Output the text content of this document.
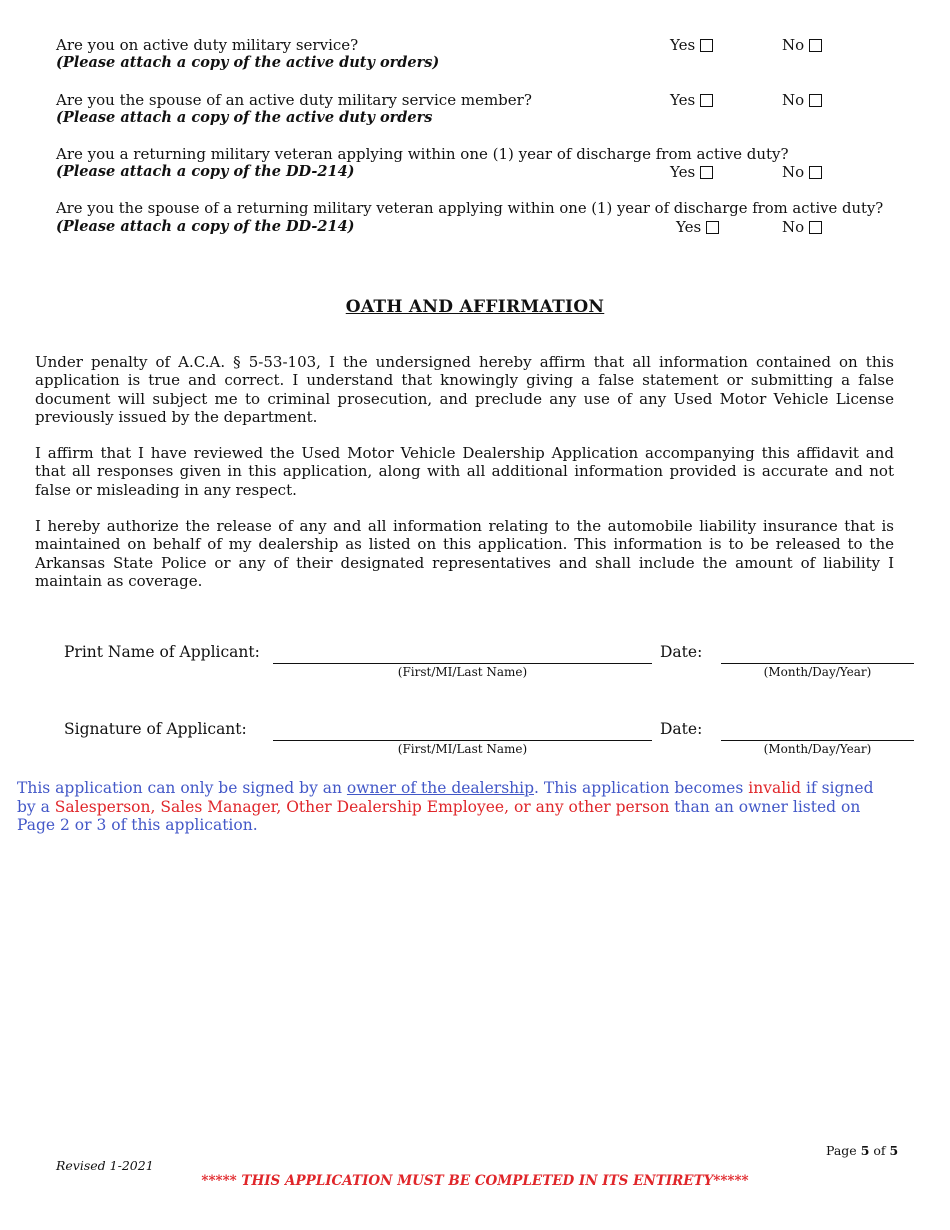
Are you on active duty military service?
(Please attach a copy of the active duty orders)
Yes	No
Are you the spouse of an active duty military service member?
(Please attach a copy of the active duty orders
Yes	No
Are you a returning military veteran applying within one (1) year of discharge from active duty?
(Please attach a copy of the DD-214)	Yes	No
Are you the spouse of a returning military veteran applying within one (1) year of discharge from active duty?
(Please attach a copy of the DD-214)	Yes	No
OATH AND AFFIRMATION
Under penalty of A.C.A. § 5-53-103, I the undersigned hereby affirm that all information contained on this application is true and correct. I understand that knowingly giving a false statement or submitting a false document will subject me to criminal prosecution, and preclude any use of any Used Motor Vehicle License previously issued by the department.
I affirm that I have reviewed the Used Motor Vehicle Dealership Application accompanying this affidavit and that all responses given in this application, along with all additional information provided is accurate and not false or misleading in any respect.
I hereby authorize the release of any and all information relating to the automobile liability insurance that is maintained on behalf of my dealership as listed on this application. This information is to be released to the Arkansas State Police or any of their designated representatives and shall include the amount of liability I maintain as coverage.
Print Name of Applicant:
(First/MI/Last Name)
Date:
(Month/Day/Year)
Signature of Applicant:
(First/MI/Last Name)
Date:
(Month/Day/Year)
This application can only be signed by an owner of the dealership. This application becomes invalid if signed by a Salesperson, Sales Manager, Other Dealership Employee, or any other person than an owner listed on Page 2 or 3 of this application.
Page 5 of 5
Revised 1-2021
***** THIS APPLICATION MUST BE COMPLETED IN ITS ENTIRETY*****
